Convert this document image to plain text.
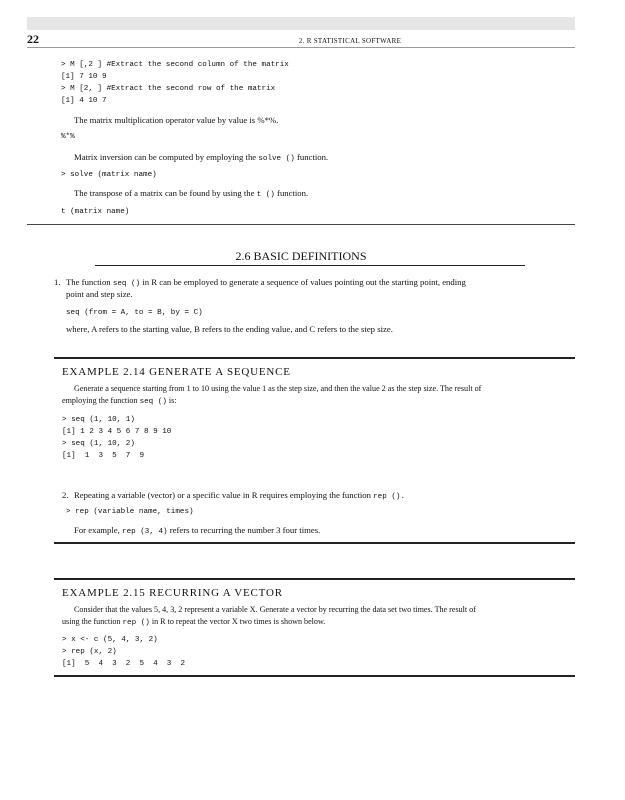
22	2. R STATISTICAL SOFTWARE
> M [,2 ] #Extract the second column of the matrix
[1] 7 10 9
> M [2, ] #Extract the second row of the matrix
[1] 4 10 7
The matrix multiplication operator value by value is %*%.
%*%
Matrix inversion can be computed by employing the solve () function.
> solve (matrix name)
The transpose of a matrix can be found by using the t () function.
t (matrix name)
2.6 BASIC DEFINITIONS
1. The function seq () in R can be employed to generate a sequence of values pointing out the starting point, ending
point and step size.
seq (from = A, to = B, by = C)
where, A refers to the starting value, B refers to the ending value, and C refers to the step size.
EXAMPLE 2.14 GENERATE A SEQUENCE
Generate a sequence starting from 1 to 10 using the value 1 as the step size, and then the value 2 as the step size. The result of
employing the function seq () is:
> seq (1, 10, 1)
[1] 1 2 3 4 5 6 7 8 9 10
> seq (1, 10, 2)
[1]  1  3  5  7  9
2. Repeating a variable (vector) or a specific value in R requires employing the function rep ().
> rep (variable name, times)
For example, rep (3, 4) refers to recurring the number 3 four times.
EXAMPLE 2.15 RECURRING A VECTOR
Consider that the values 5, 4, 3, 2 represent a variable X. Generate a vector by recurring the data set two times. The result of
using the function rep () in R to repeat the vector X two times is shown below.
> x <- c (5, 4, 3, 2)
> rep (x, 2)
[1]  5  4  3  2  5  4  3  2
